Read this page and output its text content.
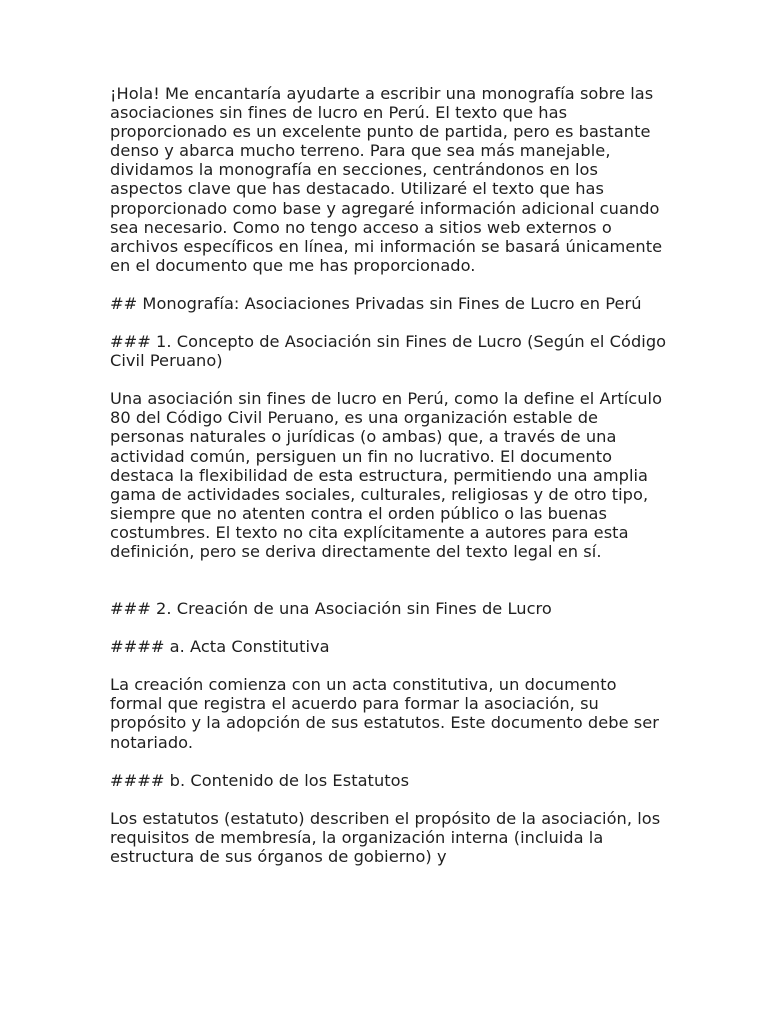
¡Hola! Me encantaría ayudarte a escribir una monografía sobre las asociaciones sin fines de lucro en Perú. El texto que has proporcionado es un excelente punto de partida, pero es bastante denso y abarca mucho terreno. Para que sea más manejable, dividamos la monografía en secciones, centrándonos en los aspectos clave que has destacado. Utilizaré el texto que has proporcionado como base y agregaré información adicional cuando sea necesario. Como no tengo acceso a sitios web externos o archivos específicos en línea, mi información se basará únicamente en el documento que me has proporcionado.

## Monografía: Asociaciones Privadas sin Fines de Lucro en Perú

### 1. Concepto de Asociación sin Fines de Lucro (Según el Código Civil Peruano)

Una asociación sin fines de lucro en Perú, como la define el Artículo 80 del Código Civil Peruano, es una organización estable de personas naturales o jurídicas (o ambas) que, a través de una actividad común, persiguen un fin no lucrativo. El documento destaca la flexibilidad de esta estructura, permitiendo una amplia gama de actividades sociales, culturales, religiosas y de otro tipo, siempre que no atenten contra el orden público o las buenas costumbres. El texto no cita explícitamente a autores para esta definición, pero se deriva directamente del texto legal en sí.

### 2. Creación de una Asociación sin Fines de Lucro

#### a. Acta Constitutiva

La creación comienza con un acta constitutiva, un documento formal que registra el acuerdo para formar la asociación, su propósito y la adopción de sus estatutos. Este documento debe ser notariado.

#### b. Contenido de los Estatutos

Los estatutos (estatuto) describen el propósito de la asociación, los requisitos de membresía, la organización interna (incluida la estructura de sus órganos de gobierno) y
